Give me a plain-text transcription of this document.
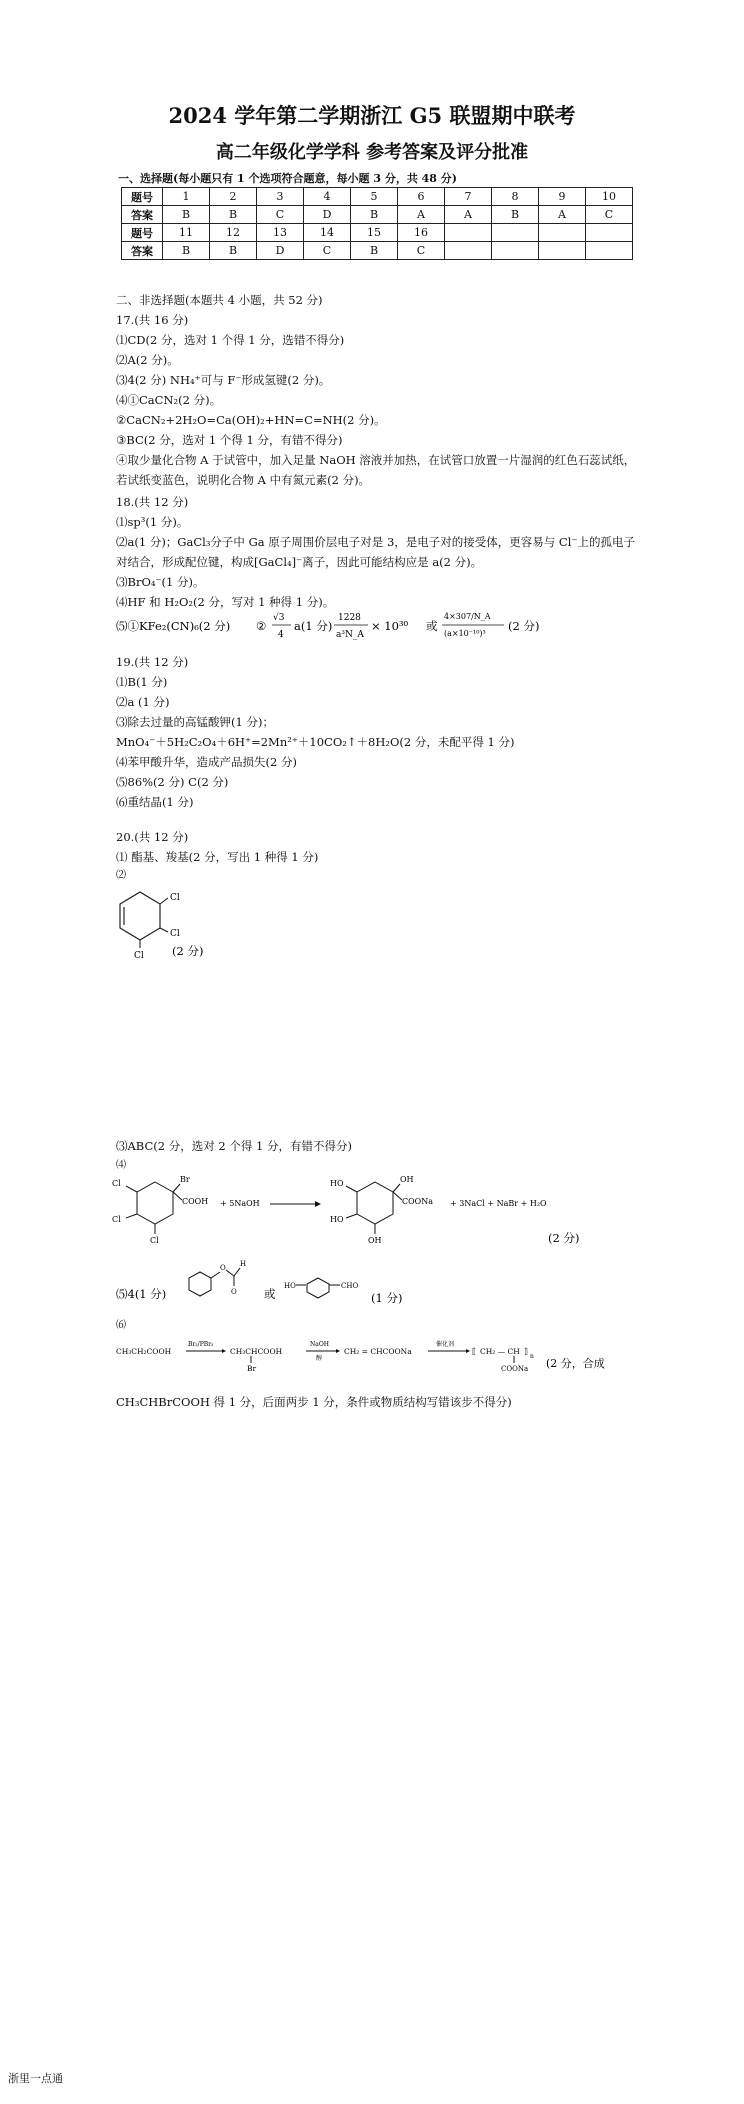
2024 学年第二学期浙江 G5 联盟期中联考
高二年级化学学科 参考答案及评分批准
一、选择题(每小题只有 1 个选项符合题意，每小题 3 分，共 48 分)
题号	1	2	3	4	5	6	7	8	9	10
答案	B	B	C	D	B	A	A	B	A	C
题号	11	12	13	14	15	16				
答案	B	B	D	C	B	C				
二、非选择题(本题共 4 小题，共 52 分)
17.(共 16 分)
⑴CD(2 分，选对 1 个得 1 分，选错不得分)
⑵A(2 分)。
⑶4(2 分) NH₄⁺可与 F⁻形成氢键(2 分)。
⑷①CaCN₂(2 分)。
②CaCN₂+2H₂O=Ca(OH)₂+HN=C=NH(2 分)。
③BC(2 分，选对 1 个得 1 分，有错不得分)
④取少量化合物 A 于试管中，加入足量 NaOH 溶液并加热，在试管口放置一片湿润的红色石蕊试纸，若试纸变蓝色，说明化合物 A 中有氮元素(2 分)。
18.(共 12 分)
⑴sp³(1 分)。
⑵a(1 分)；GaCl₃分子中 Ga 原子周围价层电子对是 3，是电子对的接受体，更容易与 Cl⁻上的孤电子对结合，形成配位键，构成[GaCl₄]⁻离子，因此可能结构应是 a(2 分)。
⑶BrO₄⁻(1 分)。
⑷HF 和 H₂O₂(2 分，写对 1 种得 1 分)。
⑸①KFe₂(CN)₆(2 分) ②
√3
4
a(1 分)
1228
a³N_A
× 10³⁰ 或
4×307/N_A
(a×10⁻¹⁰)³
(2 分)
19.(共 12 分)
⑴B(1 分)
⑵a (1 分)
⑶除去过量的高锰酸钾(1 分)；
MnO₄⁻＋5H₂C₂O₄＋6H⁺=2Mn²⁺＋10CO₂↑＋8H₂O(2 分，未配平得 1 分)
⑷苯甲酸升华，造成产品损失(2 分)
⑸86%(2 分) C(2 分)
⑹重结晶(1 分)
20.(共 12 分)
⑴ 酯基、羧基(2 分，写出 1 种得 1 分)
⑵
Cl
Cl
Cl (2 分)
⑶ABC(2 分，选对 2 个得 1 分，有错不得分)
⑷
Cl
Cl
Cl
Br
COOH + 5NaOH
HO
HO
OH
OH
COONa + 3NaCl + NaBr + H₂O
(2 分)
⑸4(1 分)
O H
O 或
HO	CHO
(1 分)
⑹
CH₃CH₂COOH
Br₂/PBr₃
CH₃CHCOOH
Br
NaOH
醇
CH₂ = CHCOONa
催化剂
⟦ CH₂ — CH ⟧
n
COONa (2 分，合成
CH₃CHBrCOOH 得 1 分，后面两步 1 分，条件或物质结构写错该步不得分)
浙里一点通
